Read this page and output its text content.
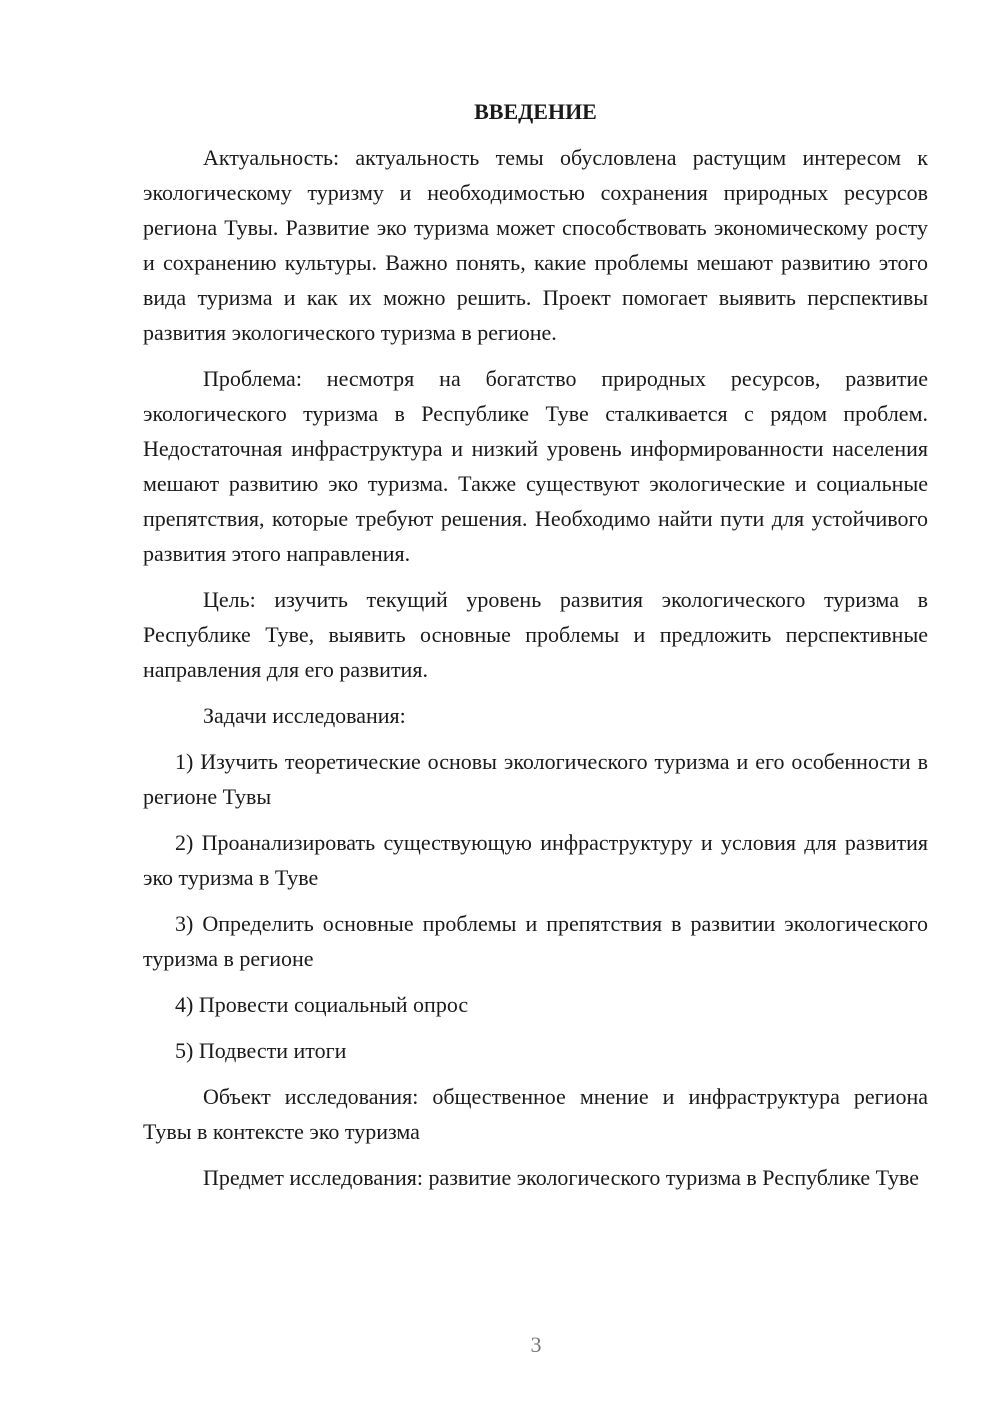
ВВЕДЕНИЕ

Актуальность: актуальность темы обусловлена растущим интересом к экологическому туризму и необходимостью сохранения природных ресурсов региона Тувы. Развитие эко туризма может способствовать экономическому росту и сохранению культуры. Важно понять, какие проблемы мешают развитию этого вида туризма и как их можно решить. Проект помогает выявить перспективы развития экологического туризма в регионе.

Проблема: несмотря на богатство природных ресурсов, развитие экологического туризма в Республике Туве сталкивается с рядом проблем. Недостаточная инфраструктура и низкий уровень информированности населения мешают развитию эко туризма. Также существуют экологические и социальные препятствия, которые требуют решения. Необходимо найти пути для устойчивого развития этого направления.

Цель: изучить текущий уровень развития экологического туризма в Республике Туве, выявить основные проблемы и предложить перспективные направления для его развития.

Задачи исследования:

1) Изучить теоретические основы экологического туризма и его особенности в регионе Тувы

2) Проанализировать существующую инфраструктуру и условия для развития эко туризма в Туве

3) Определить основные проблемы и препятствия в развитии экологического туризма в регионе

4) Провести социальный опрос

5) Подвести итоги

Объект исследования: общественное мнение и инфраструктура региона Тувы в контексте эко туризма

Предмет исследования: развитие экологического туризма в Республике Туве

3
